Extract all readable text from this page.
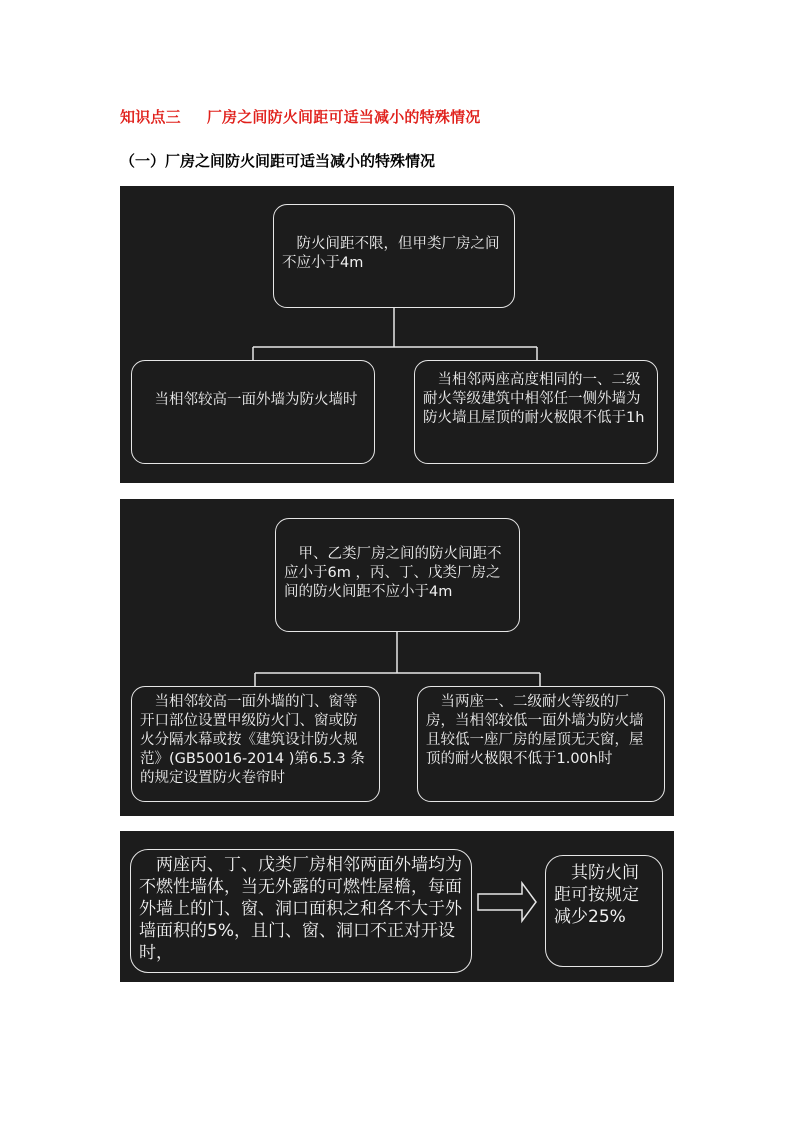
知识点三 厂房之间防火间距可适当减小的特殊情况
（一）厂房之间防火间距可适当减小的特殊情况
　防火间距不限，但甲类厂房之间不应小于4m
　当相邻较高一面外墙为防火墙时
　当相邻两座高度相同的一、二级耐火等级建筑中相邻任一侧外墙为防火墙且屋顶的耐火极限不低于1h
　甲、乙类厂房之间的防火间距不应小于6m ，丙、丁、戊类厂房之间的防火间距不应小于4m
　当相邻较高一面外墙的门、窗等开口部位设置甲级防火门、窗或防火分隔水幕或按《建筑设计防火规范》(GB50016-2014 )第6.5.3 条的规定设置防火卷帘时
　当两座一、二级耐火等级的厂房，当相邻较低一面外墙为防火墙且较低一座厂房的屋顶无天窗，屋顶的耐火极限不低于1.00h时
　两座丙、丁、戊类厂房相邻两面外墙均为不燃性墙体，当无外露的可燃性屋檐，每面外墙上的门、窗、洞口面积之和各不大于外墙面积的5%，且门、窗、洞口不正对开设时，
　其防火间距可按规定减少25%
